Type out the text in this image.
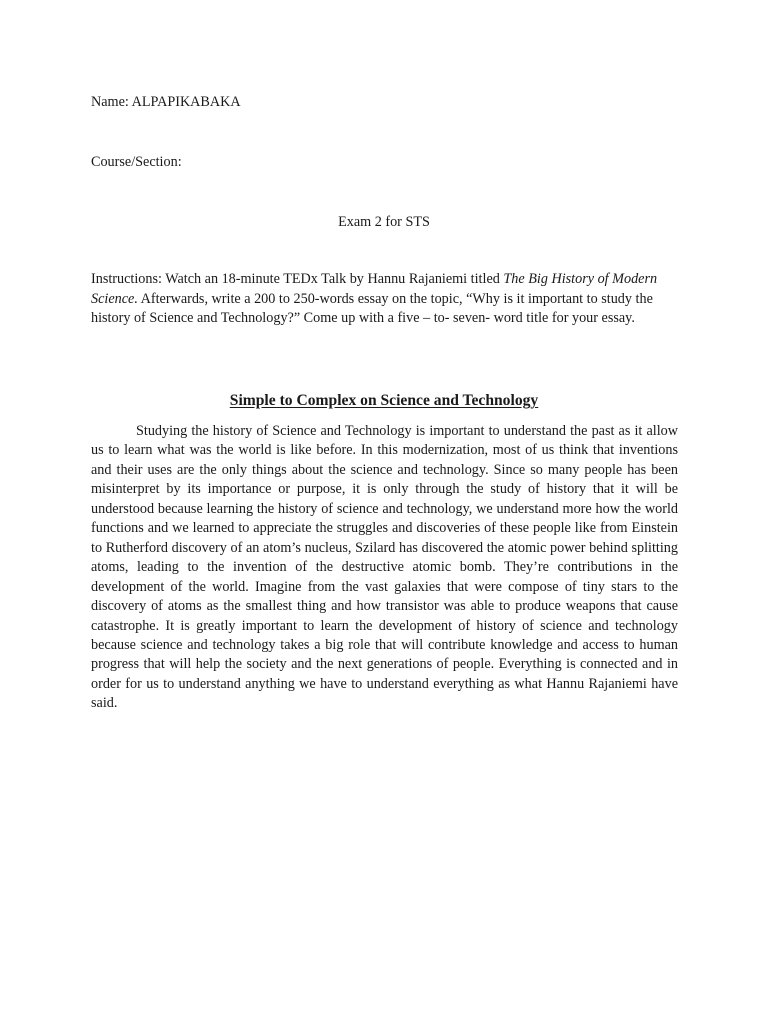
Name: ALPAPIKABAKA
Course/Section:
Exam 2 for STS
Instructions: Watch an 18-minute TEDx Talk by Hannu Rajaniemi titled The Big History of Modern Science. Afterwards, write a 200 to 250-words essay on the topic, “Why is it important to study the history of Science and Technology?” Come up with a five – to- seven- word title for your essay.
Simple to Complex on Science and Technology
Studying the history of Science and Technology is important to understand the past as it allow us to learn what was the world is like before. In this modernization, most of us think that inventions and their uses are the only things about the science and technology. Since so many people has been misinterpret by its importance or purpose, it is only through the study of history that it will be understood because learning the history of science and technology, we understand more how the world functions and we learned to appreciate the struggles and discoveries of these people like from Einstein to Rutherford discovery of an atom’s nucleus, Szilard has discovered the atomic power behind splitting atoms, leading to the invention of the destructive atomic bomb. They’re contributions in the development of the world. Imagine from the vast galaxies that were compose of tiny stars to the discovery of atoms as the smallest thing and how transistor was able to produce weapons that cause catastrophe. It is greatly important to learn the development of history of science and technology because science and technology takes a big role that will contribute knowledge and access to human progress that will help the society and the next generations of people. Everything is connected and in order for us to understand anything we have to understand everything as what Hannu Rajaniemi have said.
